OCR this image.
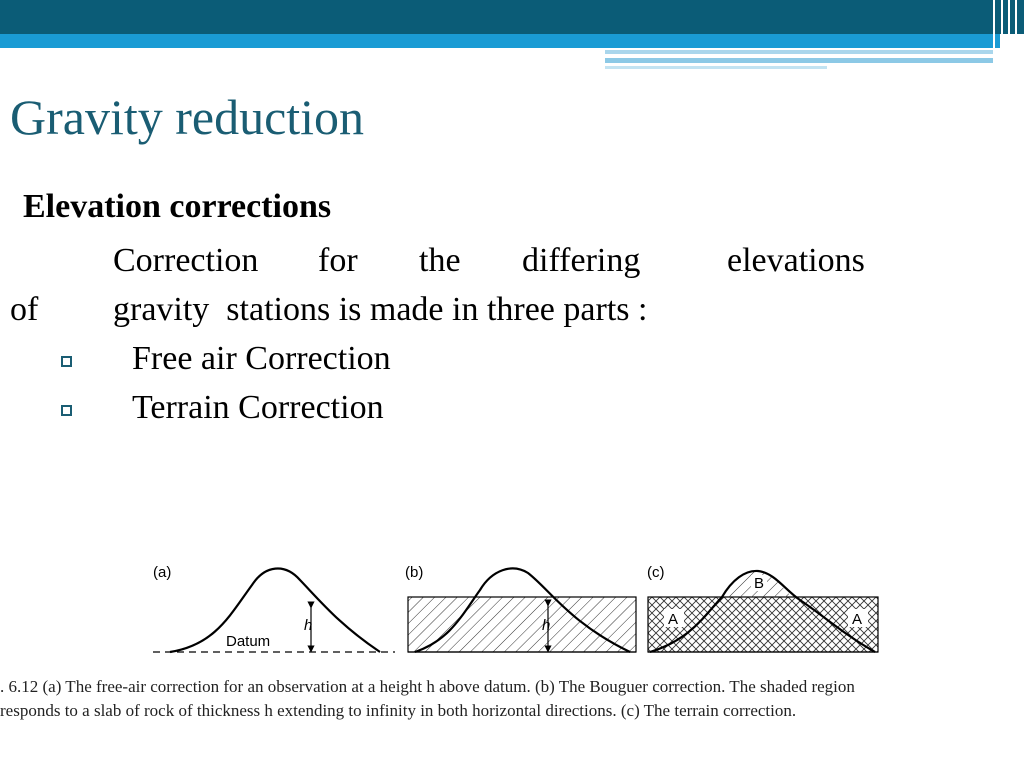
Gravity reduction
Elevation corrections
Correction for the differing	elevations
of gravity  stations is made in three parts :
Free air Correction
Terrain Correction
(a)
Datum
h
(b)
h
(c)
A	A
B
. 6.12 (a) The free-air correction for an observation at a height h above datum. (b) The Bouguer correction. The shaded region
responds to a slab of rock of thickness h extending to infinity in both horizontal directions. (c) The terrain correction.
